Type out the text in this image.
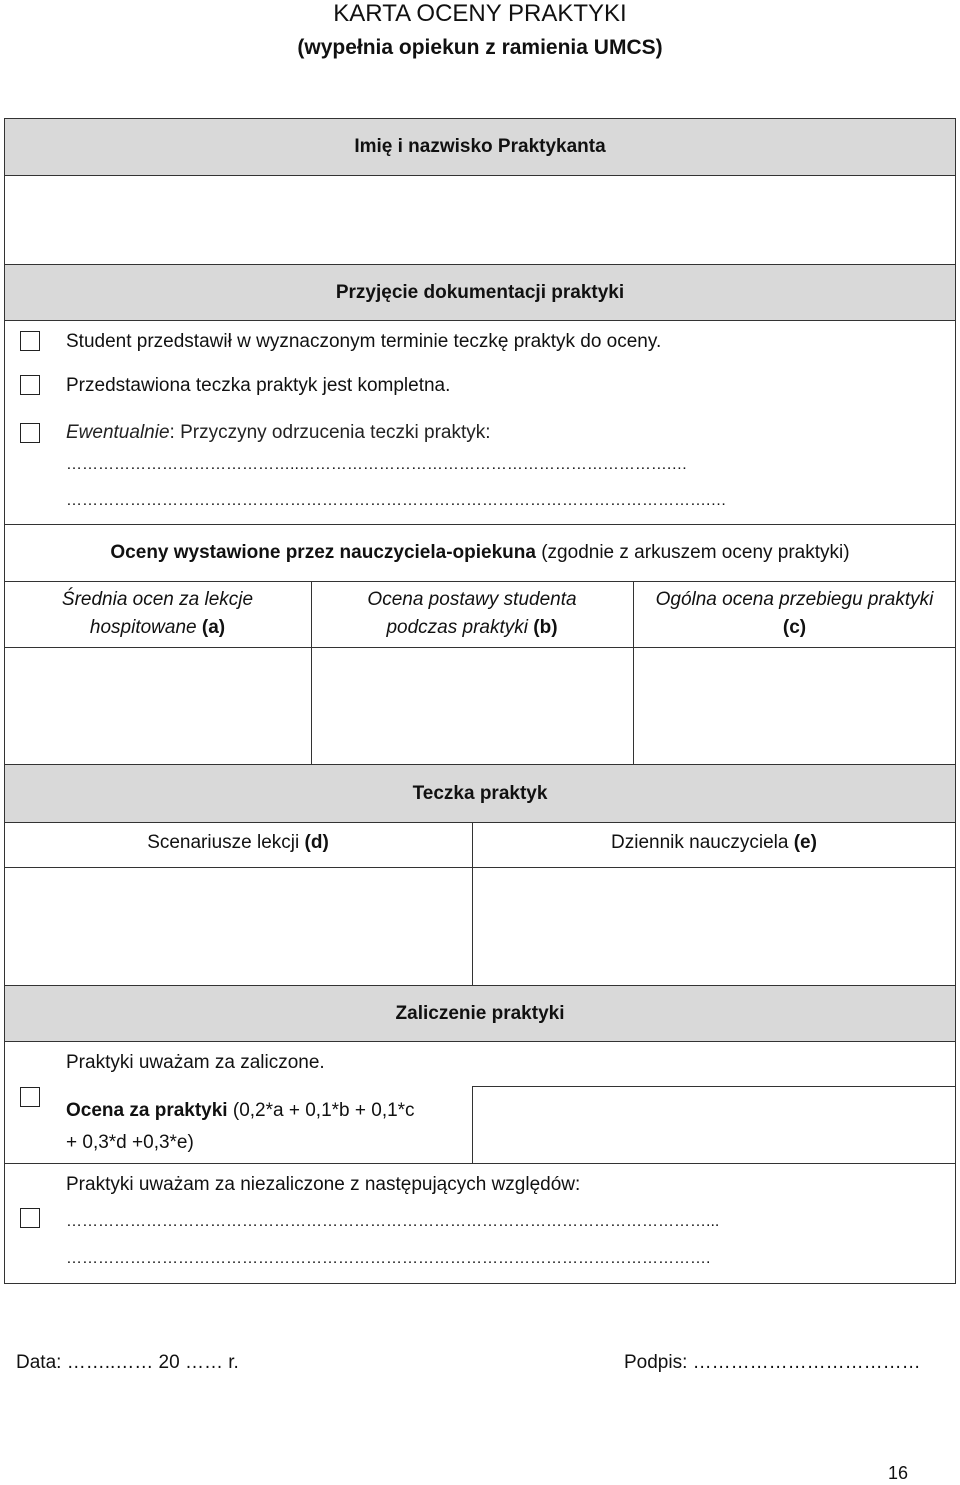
KARTA OCENY PRAKTYKI
(wypełnia opiekun z ramienia UMCS)
Imię i nazwisko Praktykanta
Przyjęcie dokumentacji praktyki
Student przedstawił w wyznaczonym terminie teczkę praktyk do oceny.
Przedstawiona teczka praktyk jest kompletna.
Ewentualnie: Przyczyny odrzucenia teczki praktyk:
……………………………………..…………………………………………………………….…
………………………………………………………………………………………………………….…
Oceny wystawione przez nauczyciela-opiekuna (zgodnie z arkuszem oceny praktyki)
Średnia ocen za lekcje
hospitowane (a)
Ocena postawy studenta
podczas praktyki (b)
Ogólna ocena przebiegu praktyki
(c)
Teczka praktyk
Scenariusze lekcji (d)	Dziennik nauczyciela (e)
Zaliczenie praktyki
Praktyki uważam za zaliczone.
Ocena za praktyki (0,2*a + 0,1*b + 0,1*c
+ 0,3*d +0,3*e)
Praktyki uważam za niezaliczone z następujących względów:
…………………………………………………………………………………………………………...
………………………………………………………………………………………………………….
Data: ……..…… 20 …… r.	Podpis: ………………………………
16
